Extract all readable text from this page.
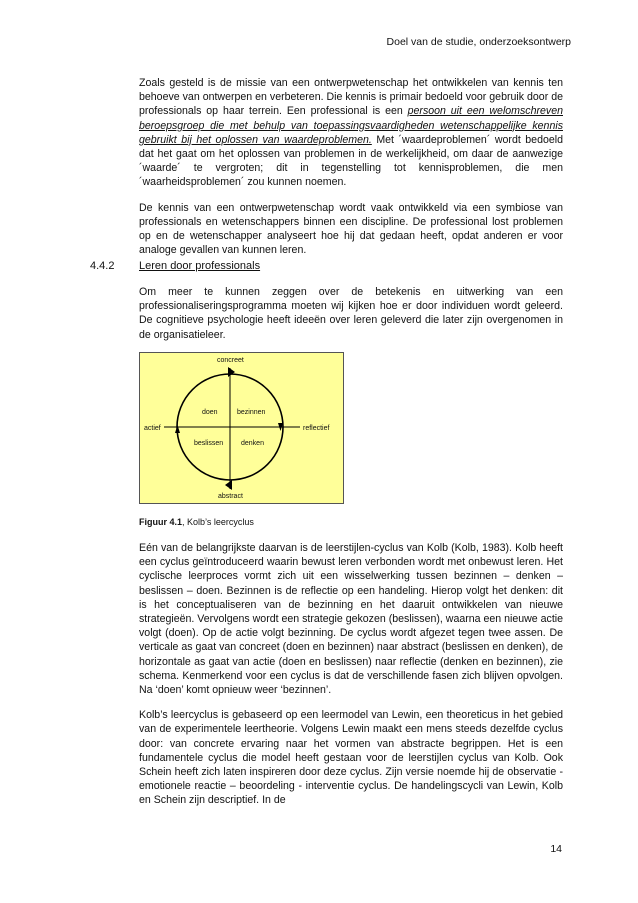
Doel van de studie, onderzoeksontwerp

Zoals gesteld is de missie van een ontwerpwetenschap het ontwikkelen van kennis ten behoeve van ontwerpen en verbeteren. Die kennis is primair bedoeld voor gebruik door de professionals op haar terrein. Een professional is een persoon uit een welomschreven beroepsgroep die met behulp van toepassingsvaardigheden wetenschappelijke kennis gebruikt bij het oplossen van waardeproblemen. Met ´waardeproblemen´ wordt bedoeld dat het gaat om het oplossen van problemen in de werkelijkheid, om daar de aanwezige ´waarde´ te vergroten; dit in tegenstelling tot kennisproblemen, die men ´waarheidsproblemen´ zou kunnen noemen.

De kennis van een ontwerpwetenschap wordt vaak ontwikkeld via een symbiose van professionals en wetenschappers binnen een discipline. De professional lost problemen op en de wetenschapper analyseert hoe hij dat gedaan heeft, opdat anderen er voor analoge gevallen van kunnen leren.

4.4.2 Leren door professionals
Om meer te kunnen zeggen over de betekenis en uitwerking van een professionaliseringsprogramma moeten wij kijken hoe er door individuen wordt geleerd. De cognitieve psychologie heeft ideeën over leren geleverd die later zijn overgenomen in de organisatieleer.
concreet
abstract
actief	reflectief
doen	bezinnen
beslissen	denken
Figuur 4.1, Kolb’s leercyclus

Eén van de belangrijkste daarvan is de leerstijlen-cyclus van Kolb (Kolb, 1983). Kolb heeft een cyclus geïntroduceerd waarin bewust leren verbonden wordt met onbewust leren. Het cyclische leerproces vormt zich uit een wisselwerking tussen bezinnen – denken – beslissen – doen. Bezinnen is de reflectie op een handeling. Hierop volgt het denken: dit is het conceptualiseren van de bezinning en het daaruit ontwikkelen van nieuwe strategieën. Vervolgens wordt een strategie gekozen (beslissen), waarna een nieuwe actie volgt (doen). Op de actie volgt bezinning. De cyclus wordt afgezet tegen twee assen. De verticale as gaat van concreet (doen en bezinnen) naar abstract (beslissen en denken), de horizontale as gaat van actie (doen en beslissen) naar reflectie (denken en bezinnen), zie schema. Kenmerkend voor een cyclus is dat de verschillende fasen zich blijven opvolgen. Na ‘doen’ komt opnieuw weer ‘bezinnen’.

Kolb’s leercyclus is gebaseerd op een leermodel van Lewin, een theoreticus in het gebied van de experimentele leertheorie. Volgens Lewin maakt een mens steeds dezelfde cyclus door: van concrete ervaring naar het vormen van abstracte begrippen. Het is een fundamentele cyclus die model heeft gestaan voor de leerstijlen cyclus van Kolb. Ook Schein heeft zich laten inspireren door deze cyclus. Zijn versie noemde hij de observatie - emotionele reactie – beoordeling - interventie cyclus. De handelingscycli van Lewin, Kolb en Schein zijn descriptief. In de

14
